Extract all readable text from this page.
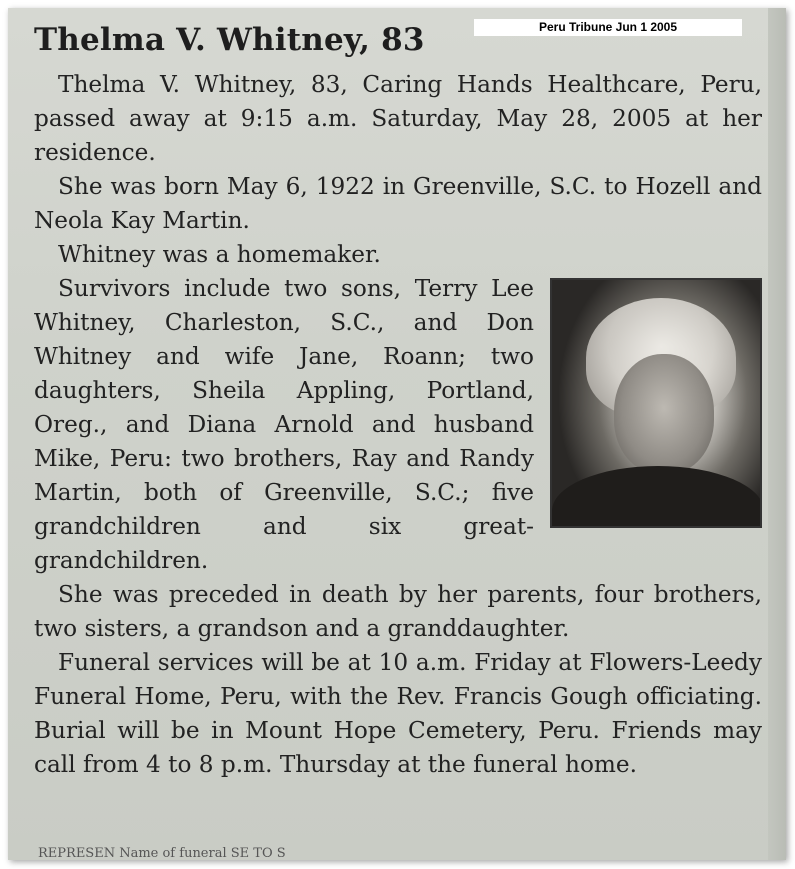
Thelma V. Whitney, 83	Peru Tribune Jun 1 2005

Thelma V. Whitney, 83, Caring Hands Healthcare, Peru, passed away at 9:15 a.m. Saturday, May 28, 2005 at her residence.

She was born May 6, 1922 in Greenville, S.C. to Hozell and Neola Kay Martin.

Whitney was a homemaker.

Survivors include two sons, Terry Lee Whitney, Charleston, S.C., and Don Whitney and wife Jane, Roann; two daughters, Sheila Appling, Portland, Oreg., and Diana Arnold and husband Mike, Peru: two brothers, Ray and Randy Martin, both of Greenville, S.C.; five grandchildren and six great-grandchildren.

She was preceded in death by her parents, four brothers, two sisters, a grandson and a granddaughter.

Funeral services will be at 10 a.m. Friday at Flowers-Leedy Funeral Home, Peru, with the Rev. Francis Gough officiating. Burial will be in Mount Hope Cemetery, Peru. Friends may call from 4 to 8 p.m. Thursday at the funeral home.

REPRESEN Name of funeral SE TO S
